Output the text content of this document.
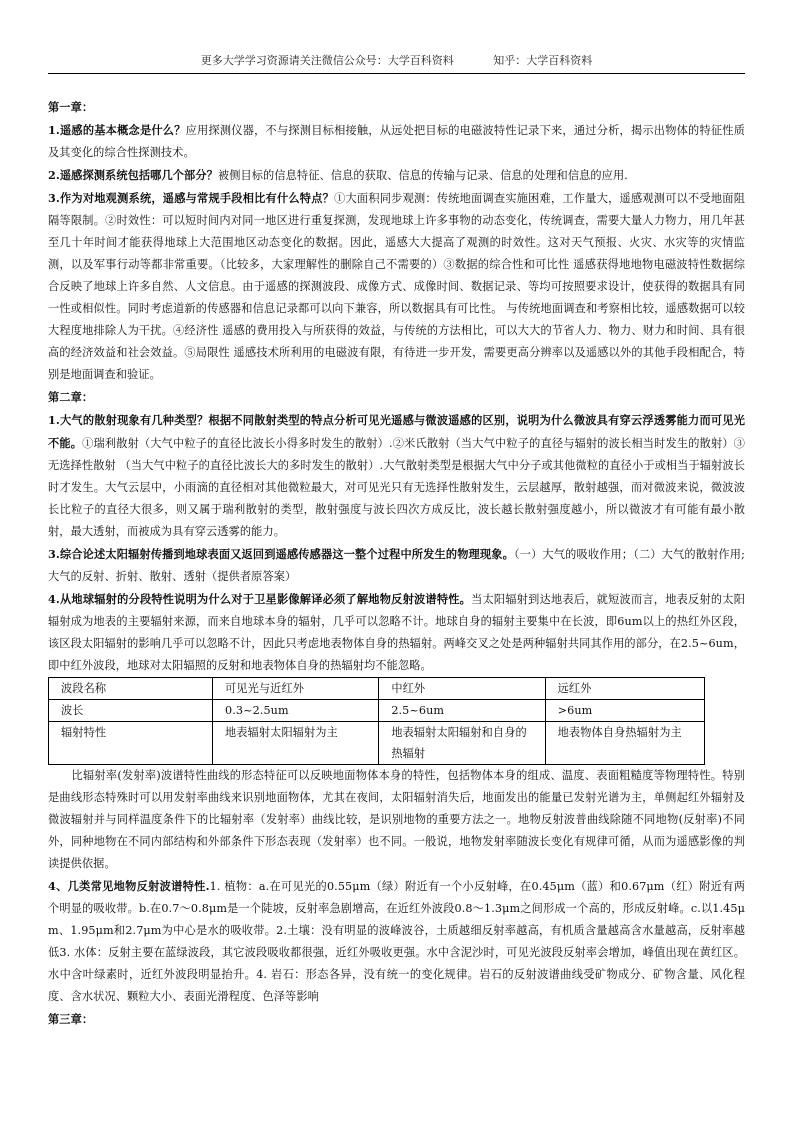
更多大学学习资源请关注微信公众号：大学百科资料	知乎：大学百科资料

第一章：

1.遥感的基本概念是什么？应用探测仪器，不与探测目标相接触，从远处把目标的电磁波特性记录下来，通过分析，揭示出物体的特征性质及其变化的综合性探测技术。

2.遥感探测系统包括哪几个部分？被侧目标的信息特征、信息的获取、信息的传输与记录、信息的处理和信息的应用.

3.作为对地观测系统，遥感与常规手段相比有什么特点？①大面积同步观测：传统地面调查实施困难，工作量大，遥感观测可以不受地面阻隔等限制。②时效性：可以短时间内对同一地区进行重复探测，发现地球上许多事物的动态变化，传统调查，需要大量人力物力，用几年甚至几十年时间才能获得地球上大范围地区动态变化的数据。因此，遥感大大提高了观测的时效性。这对天气预报、火灾、水灾等的灾情监测，以及军事行动等都非常重要。（比较多，大家理解性的删除自己不需要的）③数据的综合性和可比性 遥感获得地地物电磁波特性数据综合反映了地球上许多自然、人文信息。由于遥感的探测波段、成像方式、成像时间、数据记录、等均可按照要求设计，使获得的数据具有同一性或相似性。同时考虑道新的传感器和信息记录都可以向下兼容，所以数据具有可比性。 与传统地面调查和考察相比较，遥感数据可以较大程度地排除人为干扰。④经济性 遥感的费用投入与所获得的效益，与传统的方法相比，可以大大的节省人力、物力、财力和时间、具有很高的经济效益和社会效益。⑤局限性 遥感技术所利用的电磁波有限，有待进一步开发，需要更高分辨率以及遥感以外的其他手段相配合，特别是地面调查和验证。

第二章：

1.大气的散射现象有几种类型？根据不同散射类型的特点分析可见光遥感与微波遥感的区别，说明为什么微波具有穿云浮透雾能力而可见光不能。①瑞利散射（大气中粒子的直径比波长小得多时发生的散射）.②米氏散射（当大气中粒子的直径与辐射的波长相当时发生的散射）③无选择性散射 （当大气中粒子的直径比波长大的多时发生的散射）.大气散射类型是根据大气中分子或其他微粒的直径小于或相当于辐射波长时才发生。大气云层中，小雨滴的直径相对其他微粒最大，对可见光只有无选择性散射发生，云层越厚，散射越强，而对微波来说，微波波长比粒子的直径大很多，则又属于瑞利散射的类型，散射强度与波长四次方成反比，波长越长散射强度越小，所以微波才有可能有最小散射，最大透射，而被成为具有穿云透雾的能力。

3.综合论述太阳辐射传播到地球表面又返回到遥感传感器这一整个过程中所发生的物理现象。（一）大气的吸收作用；（二）大气的散射作用;大气的反射、折射、散射、透射（提供者原答案）

4.从地球辐射的分段特性说明为什么对于卫星影像解译必须了解地物反射波谱特性。当太阳辐射到达地表后，就短波而言，地表反射的太阳辐射成为地表的主要辐射来源，而来自地球本身的辐射，几乎可以忽略不计。地球自身的辐射主要集中在长波，即6um以上的热红外区段，该区段太阳辐射的影响几乎可以忽略不计，因此只考虑地表物体自身的热辐射。两峰交叉之处是两种辐射共同其作用的部分，在2.5~6um，即中红外波段，地球对太阳辐照的反射和地表物体自身的热辐射均不能忽略。

波段名称	可见光与近红外	中红外	远红外
波长	0.3~2.5um	2.5~6um	>6um
辐射特性	地表辐射太阳辐射为主	地表辐射太阳辐射和自身的热辐射	地表物体自身热辐射为主

比辐射率(发射率)波谱特性曲线的形态特征可以反映地面物体本身的特性，包括物体本身的组成、温度、表面粗糙度等物理特性。特别是曲线形态特殊时可以用发射率曲线来识别地面物体，尤其在夜间，太阳辐射消失后，地面发出的能量已发射光谱为主，单侧起红外辐射及微波辐射并与同样温度条件下的比辐射率（发射率）曲线比较，是识别地物的重要方法之一。地物反射波普曲线除随不同地物(反射率)不同外，同种地物在不同内部结构和外部条件下形态表现（发射率）也不同。一般说，地物发射率随波长变化有规律可循，从而为遥感影像的判读提供依据。

4、几类常见地物反射波谱特性.1. 植物：a.在可见光的0.55μm（绿）附近有一个小反射峰，在0.45μm（蓝）和0.67μm（红）附近有两个明显的吸收带。b.在0.7～0.8μm是一个陡坡，反射率急剧增高，在近红外波段0.8～1.3μm之间形成一个高的，形成反射峰。c.以1.45μm、1.95μm和2.7μm为中心是水的吸收带。2.土壤：没有明显的波峰波谷，土质越细反射率越高，有机质含量越高含水量越高，反射率越低3. 水体：反射主要在蓝绿波段，其它波段吸收都很强，近红外吸收更强。水中含泥沙时，可见光波段反射率会增加，峰值出现在黄红区。水中含叶绿素时，近红外波段明显抬升。4. 岩石：形态各异，没有统一的变化规律。岩石的反射波谱曲线受矿物成分、矿物含量、风化程度、含水状况、颗粒大小、表面光滑程度、色泽等影响

第三章：
